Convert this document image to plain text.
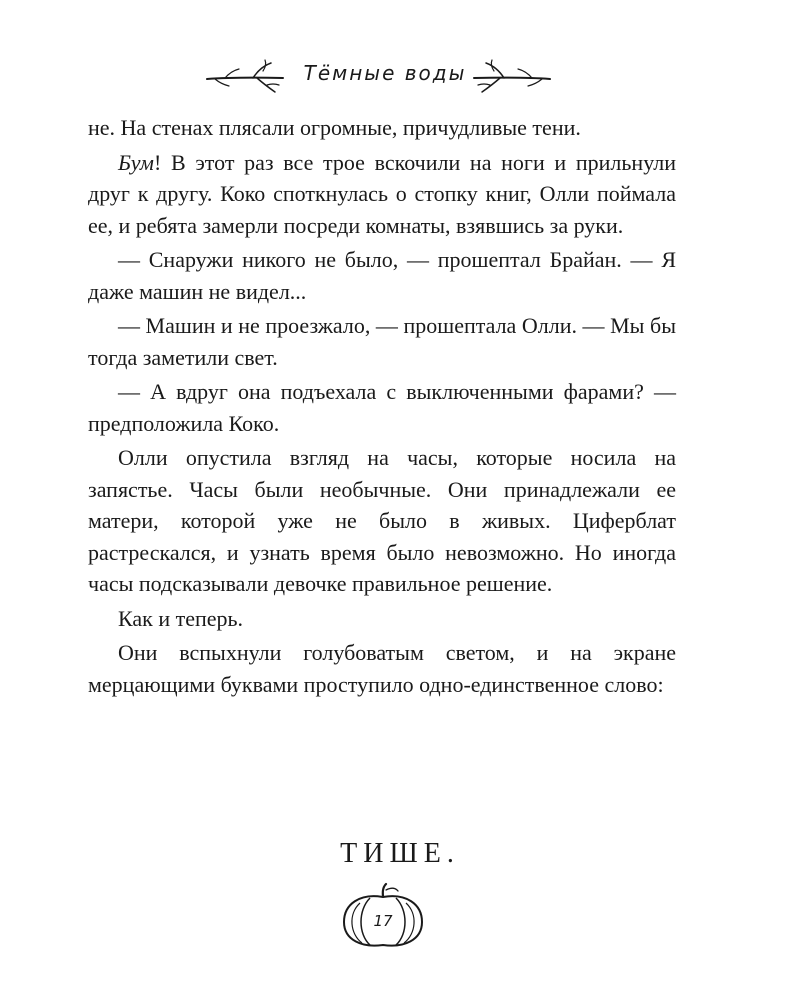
Тёмные воды

не. На стенах плясали огромные, причудливые тени.

Бум! В этот раз все трое вскочили на ноги и прильнули друг к другу. Коко споткнулась о стопку книг, Олли поймала ее, и ребята замерли посреди комнаты, взявшись за руки.

— Снаружи никого не было, — прошептал Брайан. — Я даже машин не видел...

— Машин и не проезжало, — прошептала Олли. — Мы бы тогда заметили свет.

— А вдруг она подъехала с выключенными фарами? — предположила Коко.

Олли опустила взгляд на часы, которые носила на запястье. Часы были необычные. Они принадлежали ее матери, которой уже не было в живых. Циферблат растрескался, и узнать время было невозможно. Но иногда часы подсказывали девочке правильное решение.

Как и теперь.

Они вспыхнули голубоватым светом, и на экране мерцающими буквами проступило одно-единственное слово:

ТИШЕ.
17
